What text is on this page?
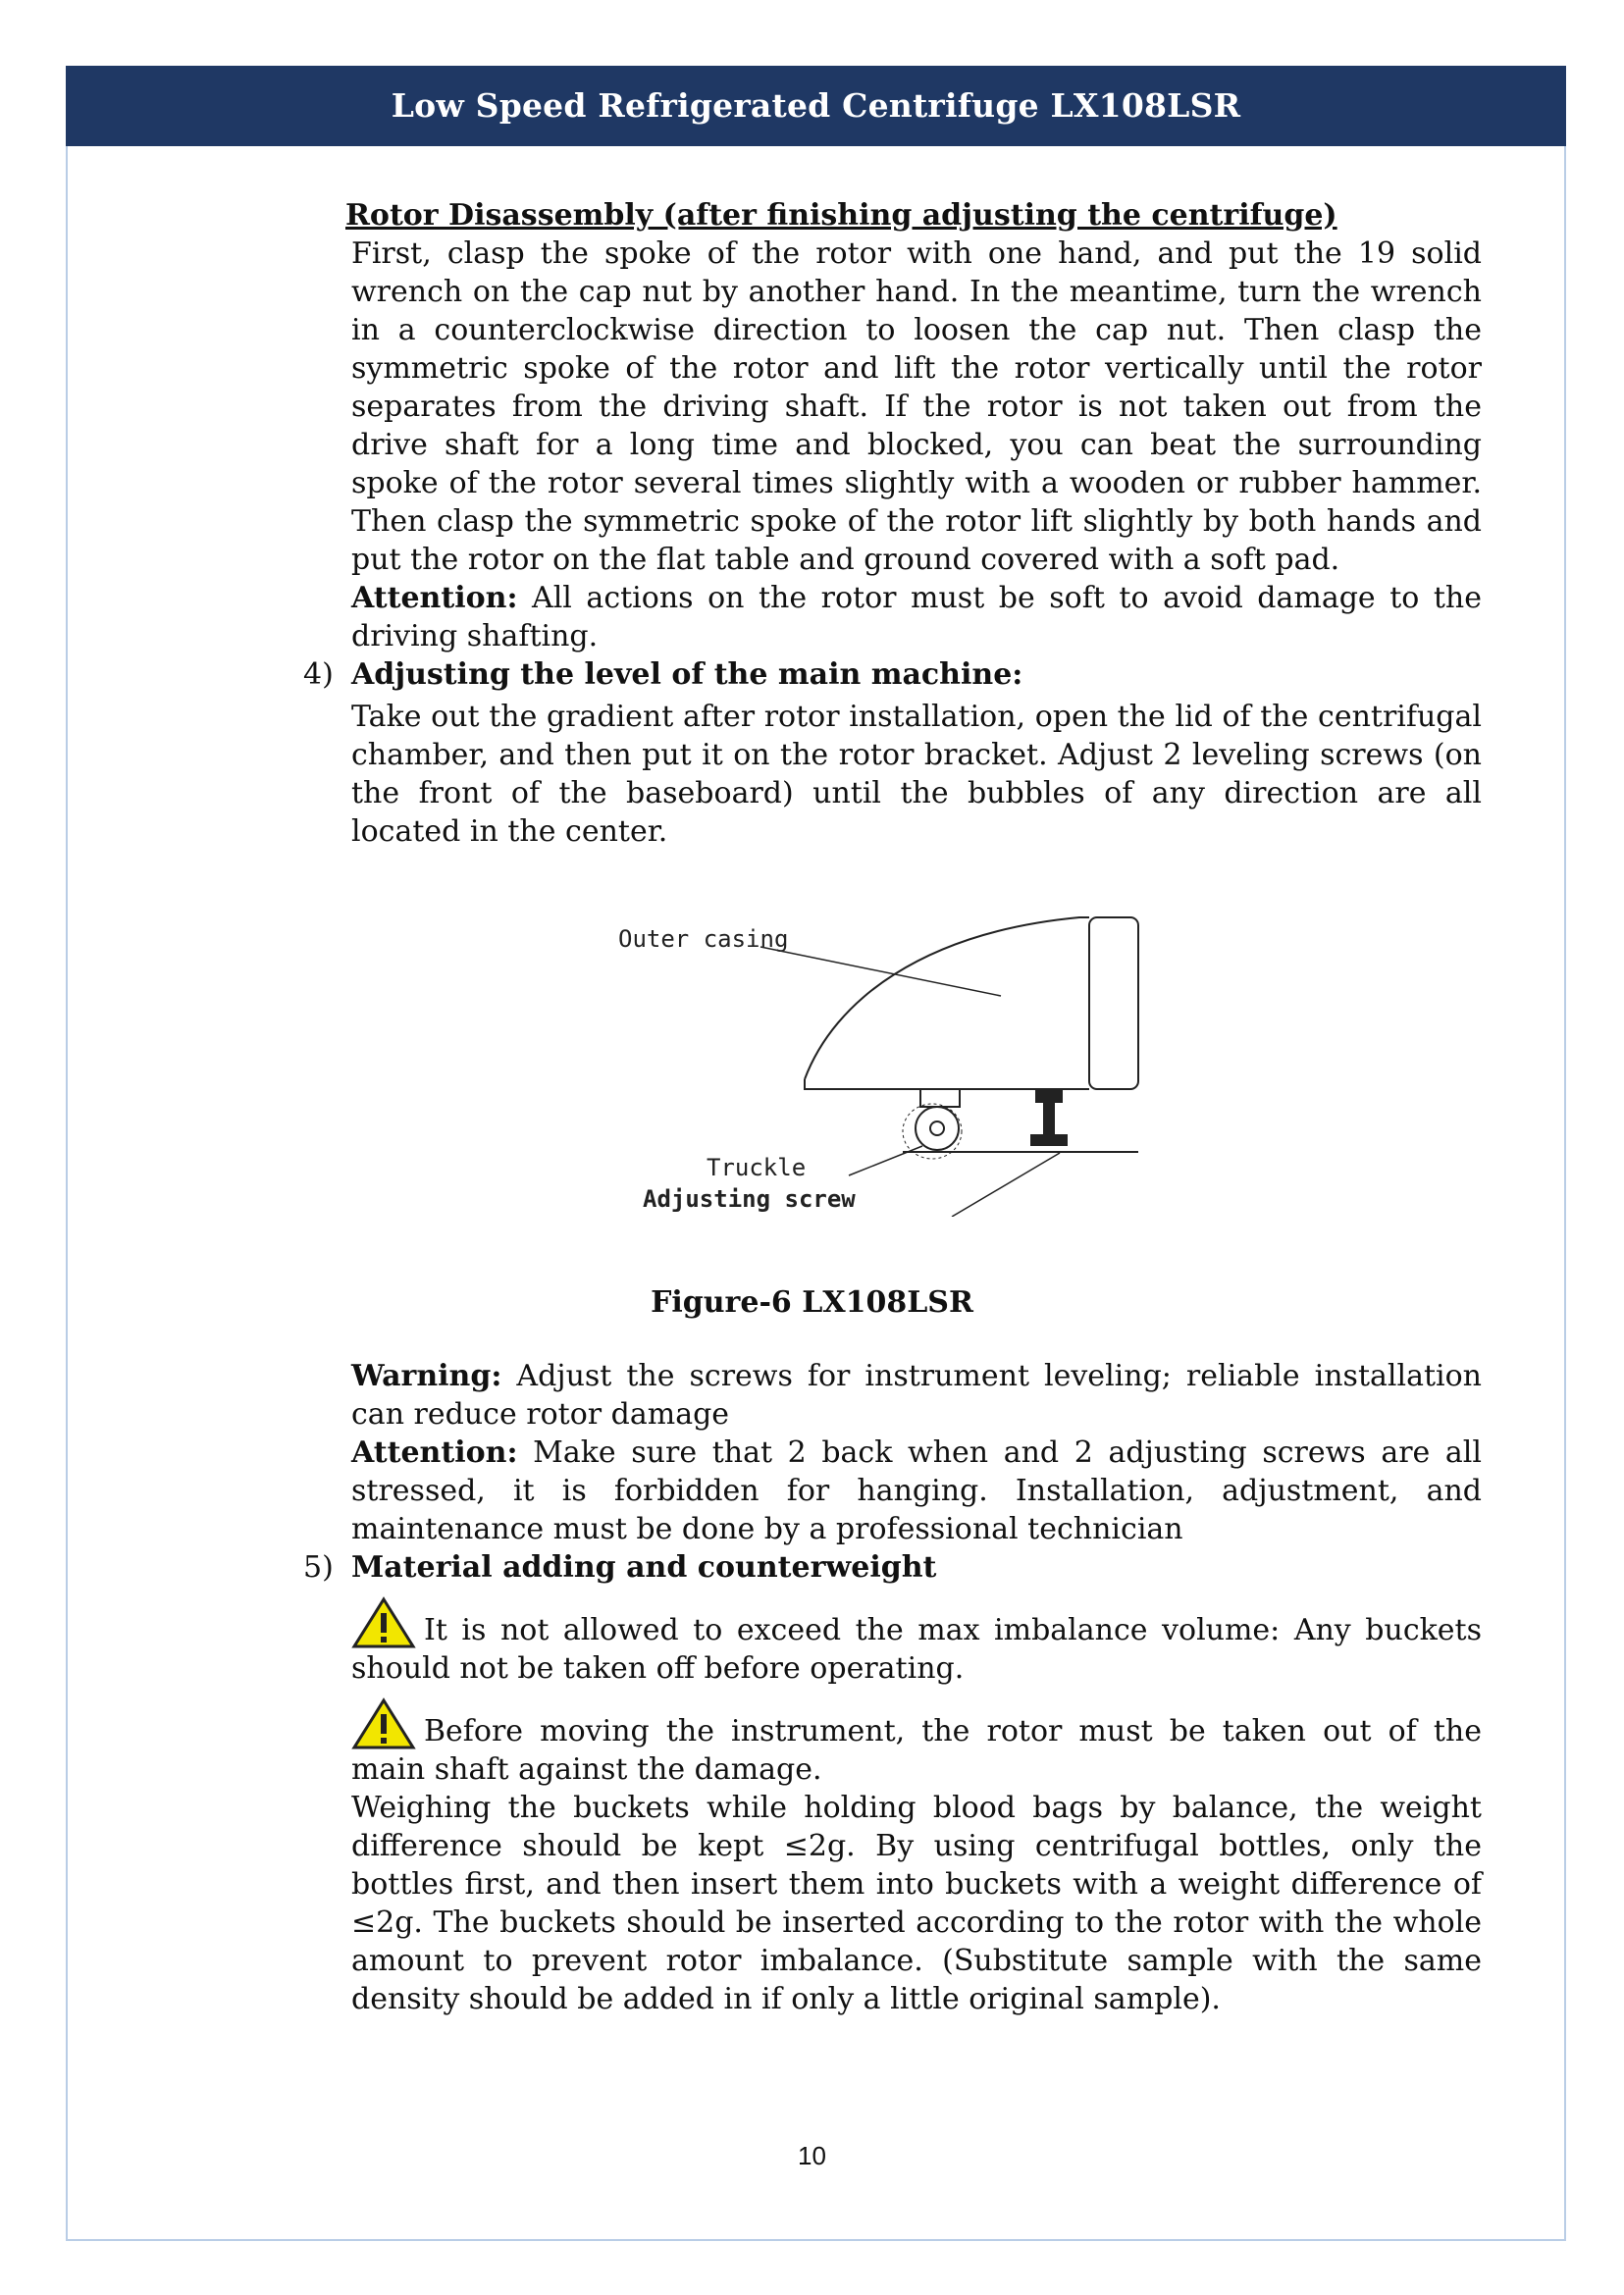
Low Speed Refrigerated Centrifuge LX108LSR
Rotor Disassembly (after finishing adjusting the centrifuge)

First, clasp the spoke of the rotor with one hand, and put the 19 solid wrench on the cap nut by another hand. In the meantime, turn the wrench in a counterclockwise direction to loosen the cap nut. Then clasp the symmetric spoke of the rotor and lift the rotor vertically until the rotor separates from the driving shaft. If the rotor is not taken out from the drive shaft for a long time and blocked, you can beat the surrounding spoke of the rotor several times slightly with a wooden or rubber hammer. Then clasp the symmetric spoke of the rotor lift slightly by both hands and put the rotor on the flat table and ground covered with a soft pad.

Attention: All actions on the rotor must be soft to avoid damage to the driving shafting.

4) Adjusting the level of the main machine:

Take out the gradient after rotor installation, open the lid of the centrifugal chamber, and then put it on the rotor bracket. Adjust 2 leveling screws (on the front of the baseboard) until the bubbles of any direction are all located in the center.

Outer casing
Truckle
Adjusting screw
Figure-6 LX108LSR

Warning: Adjust the screws for instrument leveling; reliable installation can reduce rotor damage

Attention: Make sure that 2 back when and 2 adjusting screws are all stressed, it is forbidden for hanging. Installation, adjustment, and maintenance must be done by a professional technician

5) Material adding and counterweight

It is not allowed to exceed the max imbalance volume: Any buckets should not be taken off before operating.

Before moving the instrument, the rotor must be taken out of the main shaft against the damage.

Weighing the buckets while holding blood bags by balance, the weight difference should be kept ≤2g. By using centrifugal bottles, only the bottles first, and then insert them into buckets with a weight difference of ≤2g. The buckets should be inserted according to the rotor with the whole amount to prevent rotor imbalance. (Substitute sample with the same density should be added in if only a little original sample).

10
